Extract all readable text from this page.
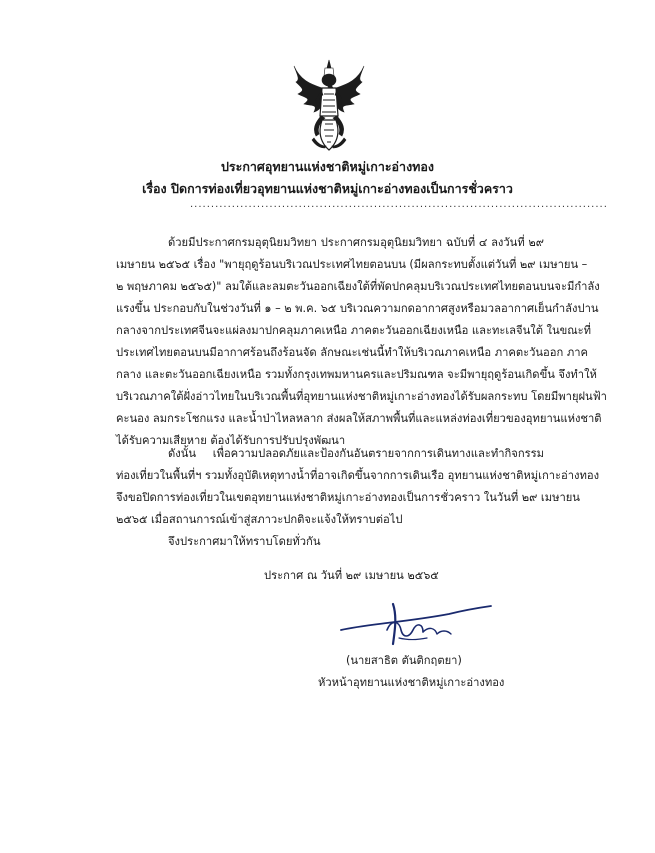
ประกาศอุทยานแห่งชาติหมู่เกาะอ่างทอง
เรื่อง ปิดการท่องเที่ยวอุทยานแห่งชาติหมู่เกาะอ่างทองเป็นการชั่วคราว
....................................................................................................
ด้วยมีประกาศกรมอุตุนิยมวิทยา ประกาศกรมอุตุนิยมวิทยา ฉบับที่ ๔ ลงวันที่ ๒๙
เมษายน ๒๕๖๕ เรื่อง "พายุฤดูร้อนบริเวณประเทศไทยตอนบน (มีผลกระทบตั้งแต่วันที่ ๒๙ เมษายน –
๒ พฤษภาคม ๒๕๖๕)" ลมใต้และลมตะวันออกเฉียงใต้ที่พัดปกคลุมบริเวณประเทศไทยตอนบนจะมีกำลัง
แรงขึ้น ประกอบกับในช่วงวันที่ ๑ – ๒ พ.ค. ๖๕ บริเวณความกดอากาศสูงหรือมวลอากาศเย็นกำลังปาน
กลางจากประเทศจีนจะแผ่ลงมาปกคลุมภาคเหนือ ภาคตะวันออกเฉียงเหนือ และทะเลจีนใต้ ในขณะที่
ประเทศไทยตอนบนมีอากาศร้อนถึงร้อนจัด ลักษณะเช่นนี้ทำให้บริเวณภาคเหนือ ภาคตะวันออก ภาค
กลาง และตะวันออกเฉียงเหนือ รวมทั้งกรุงเทพมหานครและปริมณฑล จะมีพายุฤดูร้อนเกิดขึ้น จึงทำให้
บริเวณภาคใต้ฝั่งอ่าวไทยในบริเวณพื้นที่อุทยานแห่งชาติหมู่เกาะอ่างทองได้รับผลกระทบ โดยมีพายุฝนฟ้า
คะนอง ลมกระโชกแรง และน้ำป่าไหลหลาก ส่งผลให้สภาพพื้นที่และแหล่งท่องเที่ยวของอุทยานแห่งชาติ
ได้รับความเสียหาย ต้องได้รับการปรับปรุงพัฒนา
ดังนั้น เพื่อความปลอดภัยและป้องกันอันตรายจากการเดินทางและทำกิจกรรม
ท่องเที่ยวในพื้นที่ฯ รวมทั้งอุบัติเหตุทางน้ำที่อาจเกิดขึ้นจากการเดินเรือ อุทยานแห่งชาติหมู่เกาะอ่างทอง
จึงขอปิดการท่องเที่ยวในเขตอุทยานแห่งชาติหมู่เกาะอ่างทองเป็นการชั่วคราว ในวันที่ ๒๙ เมษายน
๒๕๖๕ เมื่อสถานการณ์เข้าสู่สภาวะปกติจะแจ้งให้ทราบต่อไป
จึงประกาศมาให้ทราบโดยทั่วกัน
ประกาศ ณ วันที่ ๒๙ เมษายน ๒๕๖๕
(นายสาธิต ตันติกฤตยา)
หัวหน้าอุทยานแห่งชาติหมู่เกาะอ่างทอง
